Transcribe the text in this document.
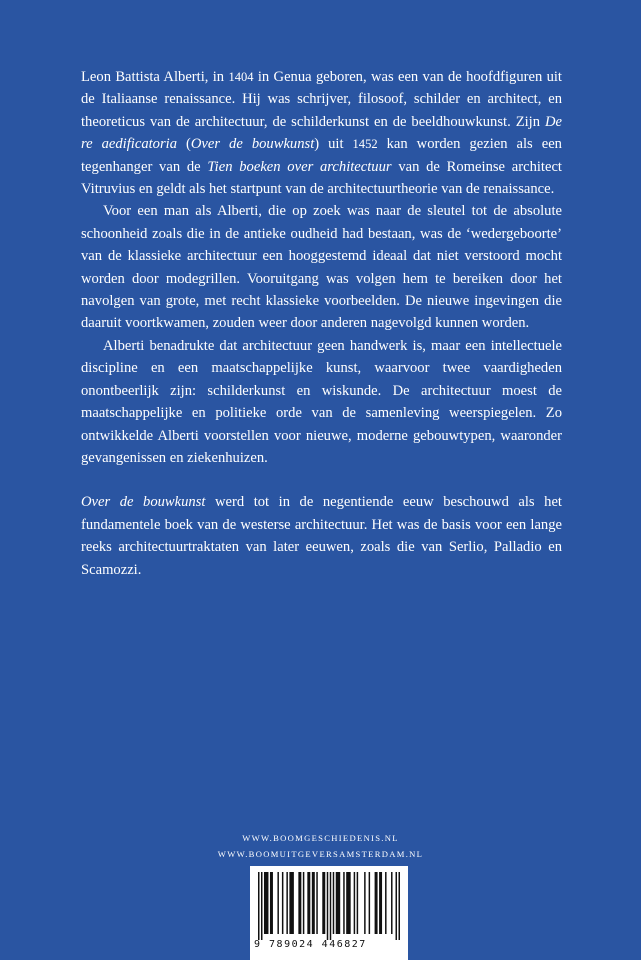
Leon Battista Alberti, in 1404 in Genua geboren, was een van de hoofdfiguren uit de Italiaanse renaissance. Hij was schrijver, filosoof, schilder en architect, en theoreticus van de architectuur, de schilderkunst en de beeldhouwkunst. Zijn De re aedificatoria (Over de bouwkunst) uit 1452 kan worden gezien als een tegenhanger van de Tien boeken over architectuur van de Romeinse architect Vitruvius en geldt als het startpunt van de architectuurtheorie van de renaissance.

Voor een man als Alberti, die op zoek was naar de sleutel tot de absolute schoonheid zoals die in de antieke oudheid had bestaan, was de ‘wedergeboorte’ van de klassieke architectuur een hooggestemd ideaal dat niet verstoord mocht worden door modegrillen. Vooruitgang was volgen hem te bereiken door het navolgen van grote, met recht klassieke voorbeelden. De nieuwe ingevingen die daaruit voortkwamen, zouden weer door anderen nagevolgd kunnen worden.

Alberti benadrukte dat architectuur geen handwerk is, maar een intellectuele discipline en een maatschappelijke kunst, waarvoor twee vaardigheden onontbeerlijk zijn: schilderkunst en wiskunde. De architectuur moest de maatschappelijke en politieke orde van de samenleving weerspiegelen. Zo ontwikkelde Alberti voorstellen voor nieuwe, moderne gebouwtypen, waaronder gevangenissen en ziekenhuizen.

Over de bouwkunst werd tot in de negentiende eeuw beschouwd als het fundamentele boek van de westerse architectuur. Het was de basis voor een lange reeks architectuurtraktaten van later eeuwen, zoals die van Serlio, Palladio en Scamozzi.

WWW.BOOMGESCHIEDENIS.NL
WWW.BOOMUITGEVERSAMSTERDAM.NL
9 789024 446827
